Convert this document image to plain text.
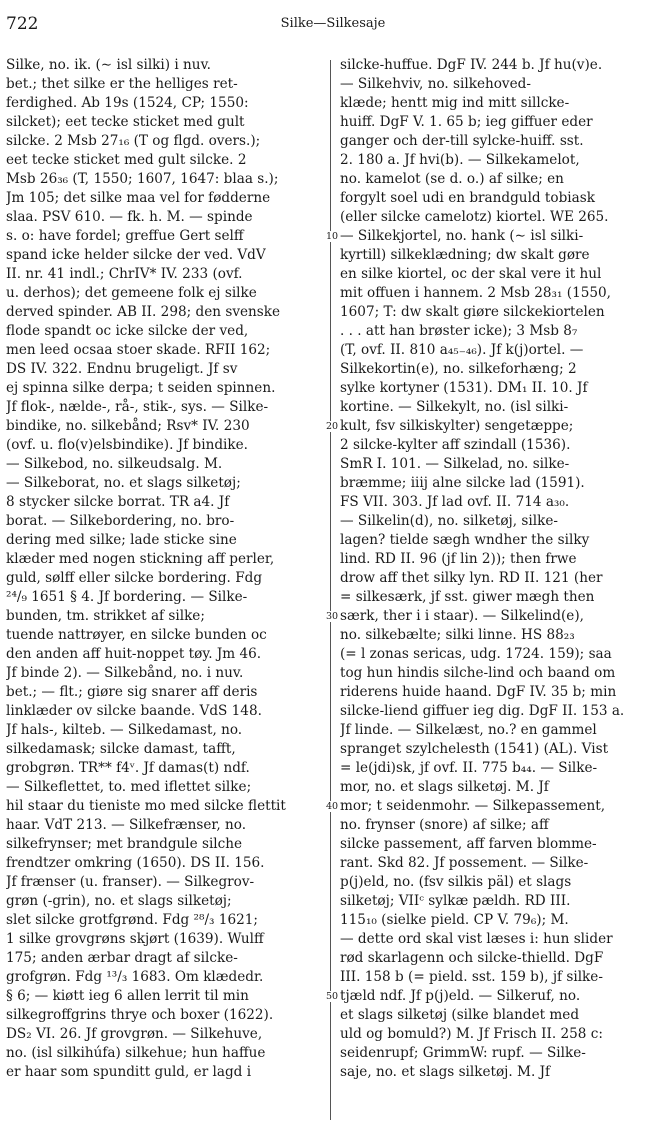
722	Silke—Silkesaje
Silke, no. ik. (∼ isl silki) i nuv.
bet.; thet silke er the helliges ret-
ferdighed. Ab 19s (1524, CP; 1550:
silcket); eet tecke sticket med gult
silcke. 2 Msb 27₁₆ (T og flgd. overs.);
eet tecke sticket med gult silcke. 2
Msb 26₃₆ (T, 1550; 1607, 1647: blaa s.);
Jm 105; det silke maa vel for fødderne
slaa. PSV 610. — fk. h. M. — spinde
s. o: have fordel; greffue Gert selff
spand icke helder silcke der ved. VdV
II. nr. 41 indl.; ChrIV* IV. 233 (ovf.
u. derhos); det gemeene folk ej silke
derved spinder. AB II. 298; den svenske
flode spandt oc icke silcke der ved,
men leed ocsaa stoer skade. RFII 162;
DS IV. 322. Endnu brugeligt. Jf sv
ej spinna silke derpa; t seiden spinnen.
Jf flok-, nælde-, rå-, stik-, sys. — Silke-
bindike, no. silkebånd; Rsv* IV. 230
(ovf. u. flo(v)elsbindike). Jf bindike.
— Silkebod, no. silkeudsalg. M.
— Silkeborat, no. et slags silketøj;
8 stycker silcke borrat. TR a4. Jf
borat. — Silkebordering, no. bro-
dering med silke; lade sticke sine
klæder med nogen stickning aff perler,
guld, sølff eller silcke bordering. Fdg
²⁴/₉ 1651 § 4. Jf bordering. — Silke-
bunden, tm. strikket af silke;
tuende nattrøyer, en silcke bunden oc
den anden aff huit-noppet tøy. Jm 46.
Jf binde 2). — Silkebånd, no. i nuv.
bet.; — flt.; giøre sig snarer aff deris
linklæder ov silcke baande. VdS 148.
Jf hals-, kilteb. — Silkedamast, no.
silkedamask; silcke damast, tafft,
grobgrøn. TR** f4ᵛ. Jf damas(t) ndf.
— Silkeflettet, to. med iflettet silke;
hil staar du tieniste mo med silcke flettit
haar. VdT 213. — Silkefrænser, no.
silkefrynser; met brandgule silche
frendtzer omkring (1650). DS II. 156.
Jf frænser (u. franser). — Silkegrov-
grøn (-grin), no. et slags silketøj;
slet silcke grotfgrønd. Fdg ²⁸/₃ 1621;
1 silke grovgrøns skjørt (1639). Wulff
175; anden ærbar dragt af silcke-
grofgrøn. Fdg ¹³/₃ 1683. Om klædedr.
§ 6; — kiøtt ieg 6 allen lerrit til min
silkegroffgrins thrye och boxer (1622).
DS₂ VI. 26. Jf grovgrøn. — Silkehuve,
no. (isl silkihúfa) silkehue; hun haffue
er haar som spunditt guld, er lagd i
10
20
30
40
50
silcke-huffue. DgF IV. 244 b. Jf hu(v)e.
— Silkehviv, no. silkehoved-
klæde; hentt mig ind mitt sillcke-
huiff. DgF V. 1. 65 b; ieg giffuer eder
ganger och der-till sylcke-huiff. sst.
2. 180 a. Jf hvi(b). — Silkekamelot,
no. kamelot (se d. o.) af silke; en
forgylt soel udi en brandguld tobiask
(eller silcke camelotz) kiortel. WE 265.
— Silkekjortel, no. hank (∼ isl silki-
kyrtill) silkeklædning; dw skalt gøre
en silke kiortel, oc der skal vere it hul
mit offuen i hannem. 2 Msb 28₃₁ (1550,
1607; T: dw skalt giøre silckekiortelen
. . . att han brøster icke); 3 Msb 8₇
(T, ovf. II. 810 a₄₅₋₄₆). Jf k(j)ortel. —
Silkekortin(e), no. silkeforhæng; 2
sylke kortyner (1531). DM₁ II. 10. Jf
kortine. — Silkekylt, no. (isl silki-
kult, fsv silkiskylter) sengetæppe;
2 silcke-kylter aff szindall (1536).
SmR I. 101. — Silkelad, no. silke-
bræmme; iiij alne silcke lad (1591).
FS VII. 303. Jf lad ovf. II. 714 a₃₀.
— Silkelin(d), no. silketøj, silke-
lagen? tielde sægh wndher the silky
lind. RD II. 96 (jf lin 2)); then frwe
drow aff thet silky lyn. RD II. 121 (her
= silkesærk, jf sst. giwer mægh then
særk, ther i i staar). — Silkelind(e),
no. silkebælte; silki linne. HS 88₂₃
(= l zonas sericas, udg. 1724. 159); saa
tog hun hindis silche-lind och baand om
riderens huide haand. DgF IV. 35 b; min
silcke-liend giffuer ieg dig. DgF II. 153 a.
Jf linde. — Silkelæst, no.? en gammel
spranget szylchelesth (1541) (AL). Vist
= le(jdi)sk, jf ovf. II. 775 b₄₄. — Silke-
mor, no. et slags silketøj. M. Jf
mor; t seidenmohr. — Silkepassement,
no. frynser (snore) af silke; aff
silcke passement, aff farven blomme-
rant. Skd 82. Jf possement. — Silke-
p(j)eld, no. (fsv silkis päl) et slags
silketøj; VIIᶜ sylkæ pældh. RD III.
115₁₀ (sielke pield. CP V. 79₆); M.
— dette ord skal vist læses i: hun slider
rød skarlagenn och silcke-thielld. DgF
III. 158 b (= pield. sst. 159 b), jf silke-
tjæld ndf. Jf p(j)eld. — Silkeruf, no.
et slags silketøj (silke blandet med
uld og bomuld?) M. Jf Frisch II. 258 c:
seidenrupf; GrimmW: rupf. — Silke-
saje, no. et slags silketøj. M. Jf
